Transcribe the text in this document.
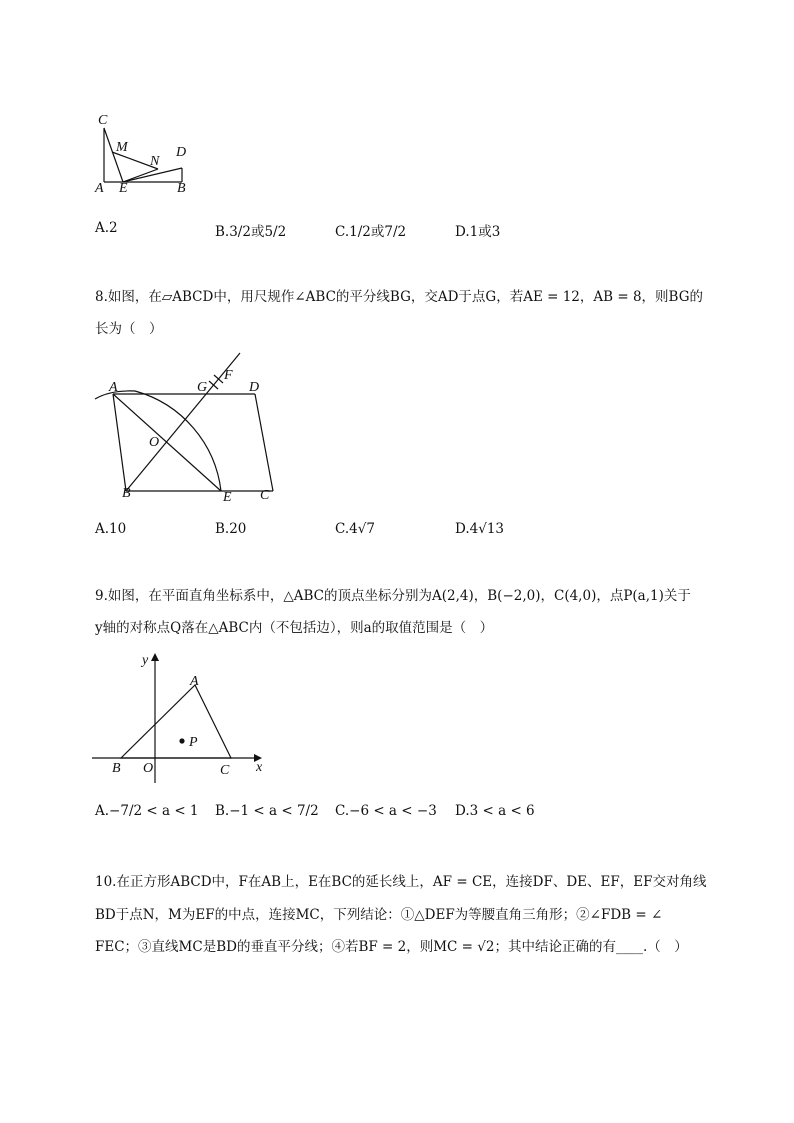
C
M
N
D
A E	B
A.2	B.3/2或5/2	C.1/2或7/2	D.1或3
8.如图，在▱ABCD中，用尺规作∠ABC的平分线BG，交AD于点G，若AE = 12，AB = 8，则BG的
长为（　）
A	G
F
D
O
B	E C
A.10	B.20	C.4√7	D.4√13
9.如图，在平面直角坐标系中，△ABC的顶点坐标分别为A(2,4)，B(−2,0)，C(4,0)，点P(a,1)关于
y轴的对称点Q落在△ABC内（不包括边），则a的取值范围是（　）
y
A
P
B O	C x
A.−7/2 < a < 1 B.−1 < a < 7/2 C.−6 < a < −3 D.3 < a < 6
10.在正方形ABCD中，F在AB上，E在BC的延长线上，AF = CE，连接DF、DE、EF，EF交对角线
BD于点N，M为EF的中点，连接MC，下列结论：①△DEF为等腰直角三角形；②∠FDB = ∠
FEC；③直线MC是BD的垂直平分线；④若BF = 2，则MC = √2；其中结论正确的有____.（　）
